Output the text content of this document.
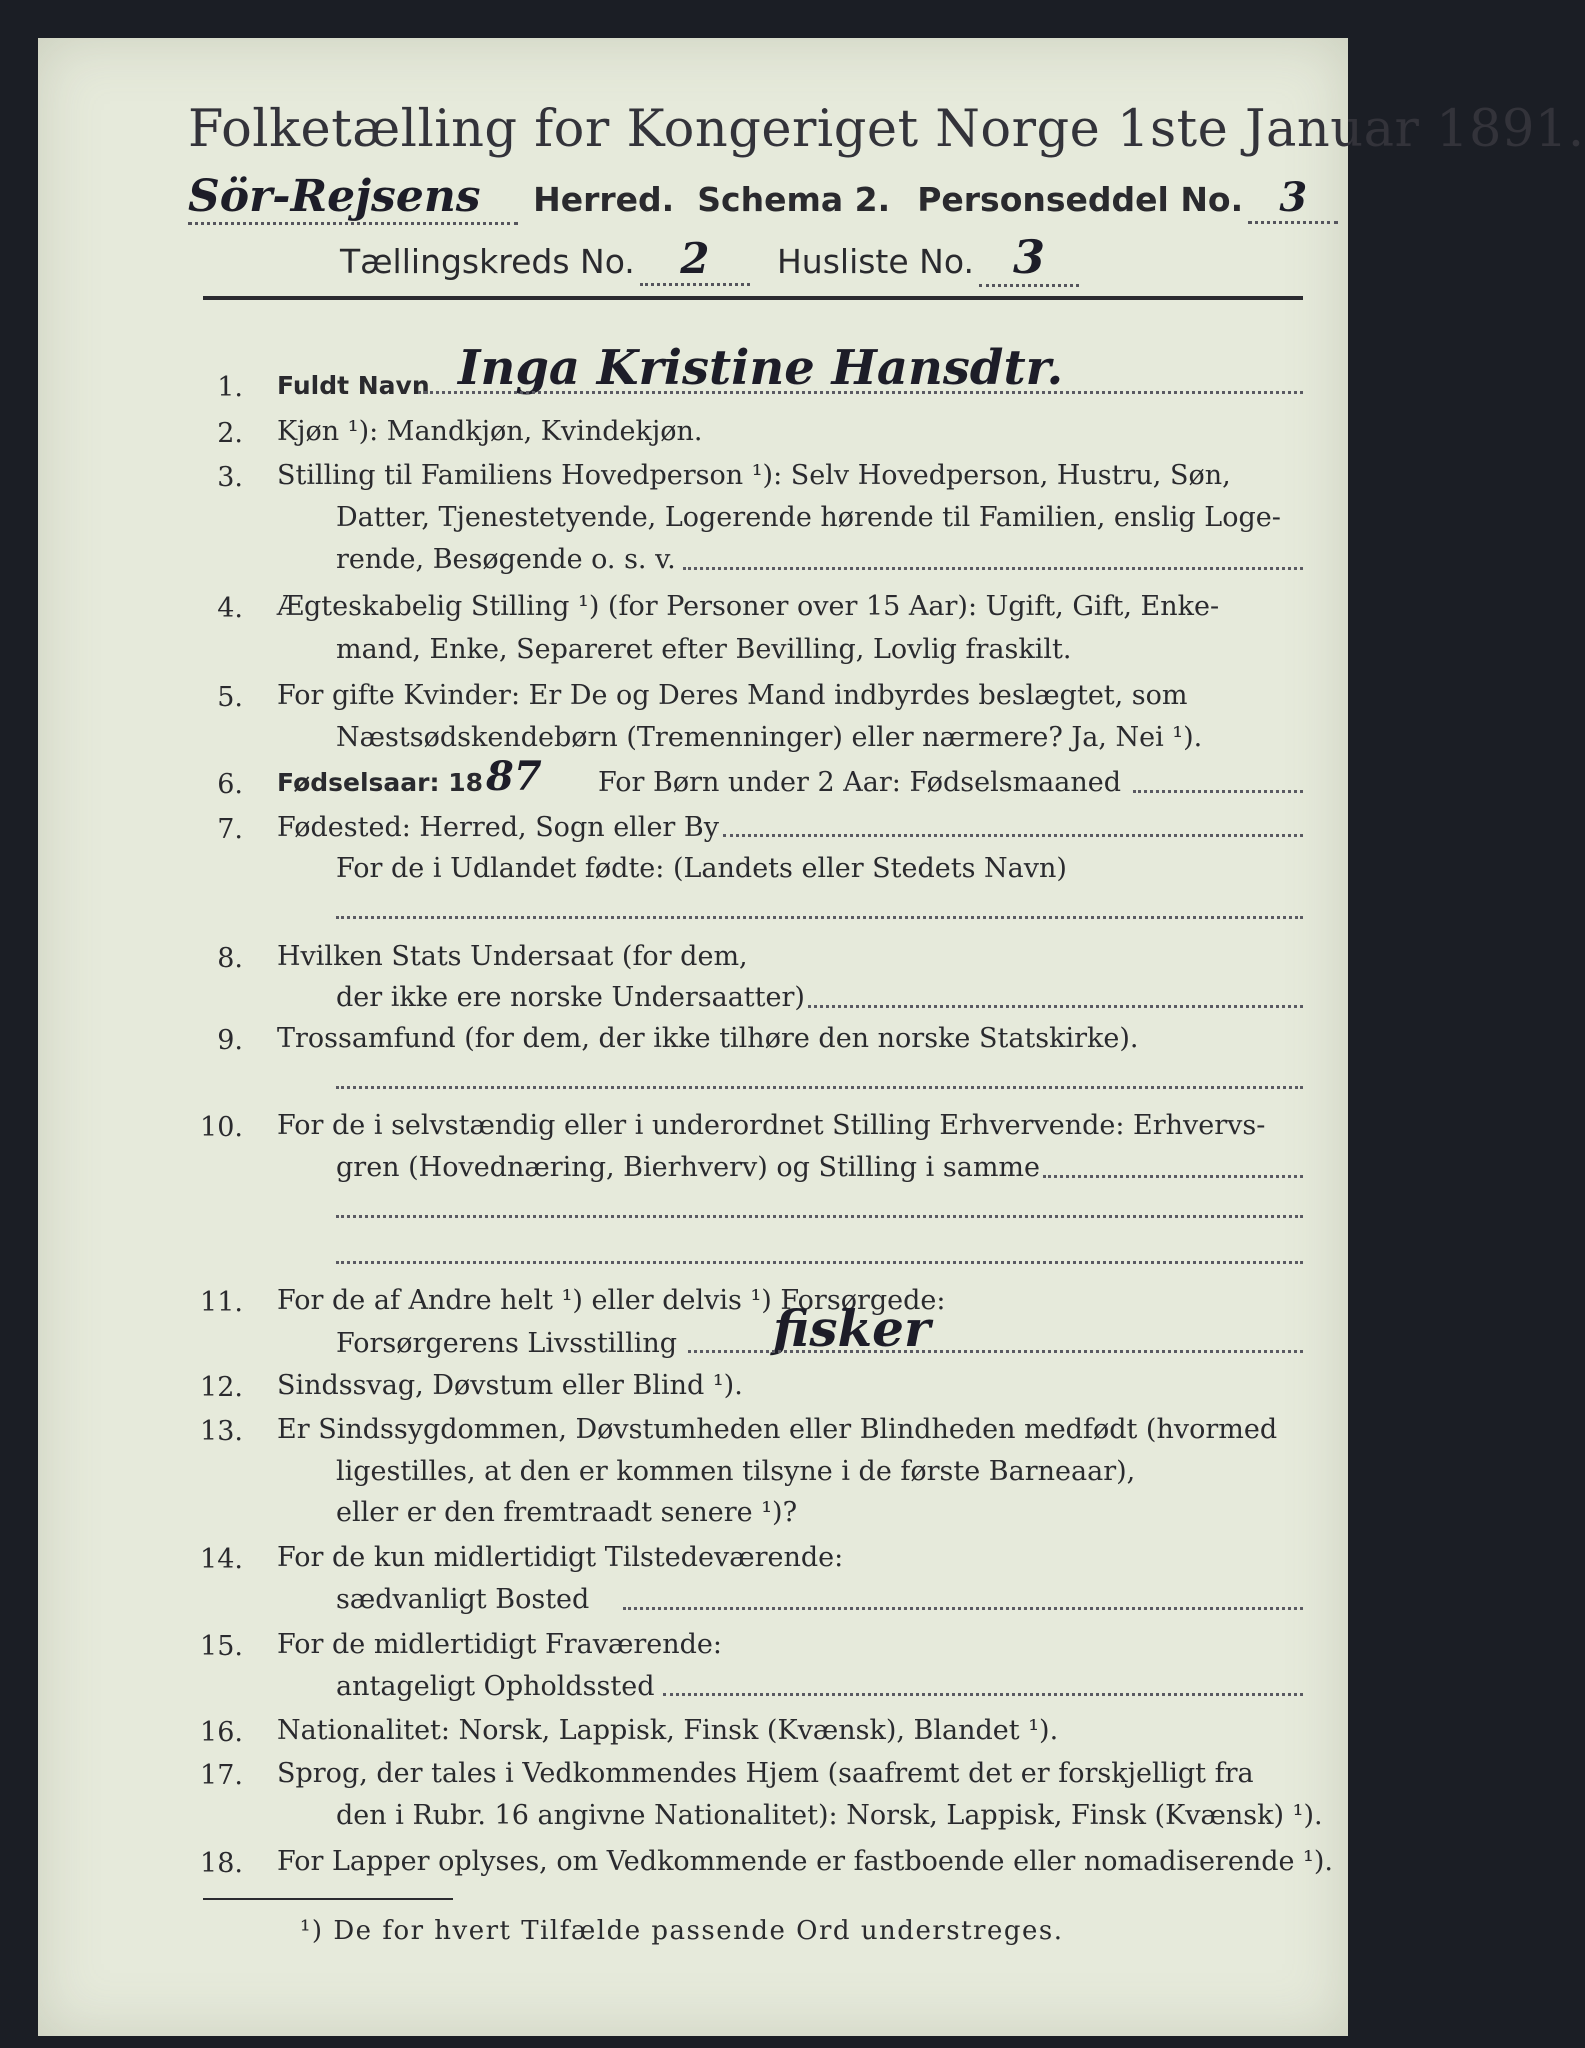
Folketælling for Kongeriget Norge 1ste Januar 1891.
Sör-Rejsens Herred. Schema 2. Personseddel No. 3
Tællingskreds No. 2 Husliste No. 3
1. Fuldt Navn Inga Kristine Hansdtr.
2. Kjøn ¹): Mandkjøn, Kvindekjøn.
3. Stilling til Familiens Hovedperson ¹): Selv Hovedperson, Hustru, Søn,
Datter, Tjenestetyende, Logerende hørende til Familien, enslig Loge-
rende, Besøgende o. s. v.
4. Ægteskabelig Stilling ¹) (for Personer over 15 Aar): Ugift, Gift, Enke-
mand, Enke, Separeret efter Bevilling, Lovlig fraskilt.
5. For gifte Kvinder: Er De og Deres Mand indbyrdes beslægtet, som
Næstsødskendebørn (Tremenninger) eller nærmere? Ja, Nei ¹).
6. Fødselsaar: 18 87 For Børn under 2 Aar: Fødselsmaaned
7. Fødested: Herred, Sogn eller By
For de i Udlandet fødte: (Landets eller Stedets Navn)
8. Hvilken Stats Undersaat (for dem,
der ikke ere norske Undersaatter)
9. Trossamfund (for dem, der ikke tilhøre den norske Statskirke).
10. For de i selvstændig eller i underordnet Stilling Erhvervende: Erhvervs-
gren (Hovednæring, Bierhverv) og Stilling i samme
11. For de af Andre helt ¹) eller delvis ¹) Forsørgede:
Forsørgerens Livsstilling fisker
12. Sindssvag, Døvstum eller Blind ¹).
13. Er Sindssygdommen, Døvstumheden eller Blindheden medfødt (hvormed
ligestilles, at den er kommen tilsyne i de første Barneaar),
eller er den fremtraadt senere ¹)?
14. For de kun midlertidigt Tilstedeværende:
sædvanligt Bosted
15. For de midlertidigt Fraværende:
antageligt Opholdssted
16. Nationalitet: Norsk, Lappisk, Finsk (Kvænsk), Blandet ¹).
17. Sprog, der tales i Vedkommendes Hjem (saafremt det er forskjelligt fra
den i Rubr. 16 angivne Nationalitet): Norsk, Lappisk, Finsk (Kvænsk) ¹).
18. For Lapper oplyses, om Vedkommende er fastboende eller nomadiserende ¹).
¹) De for hvert Tilfælde passende Ord understreges.
